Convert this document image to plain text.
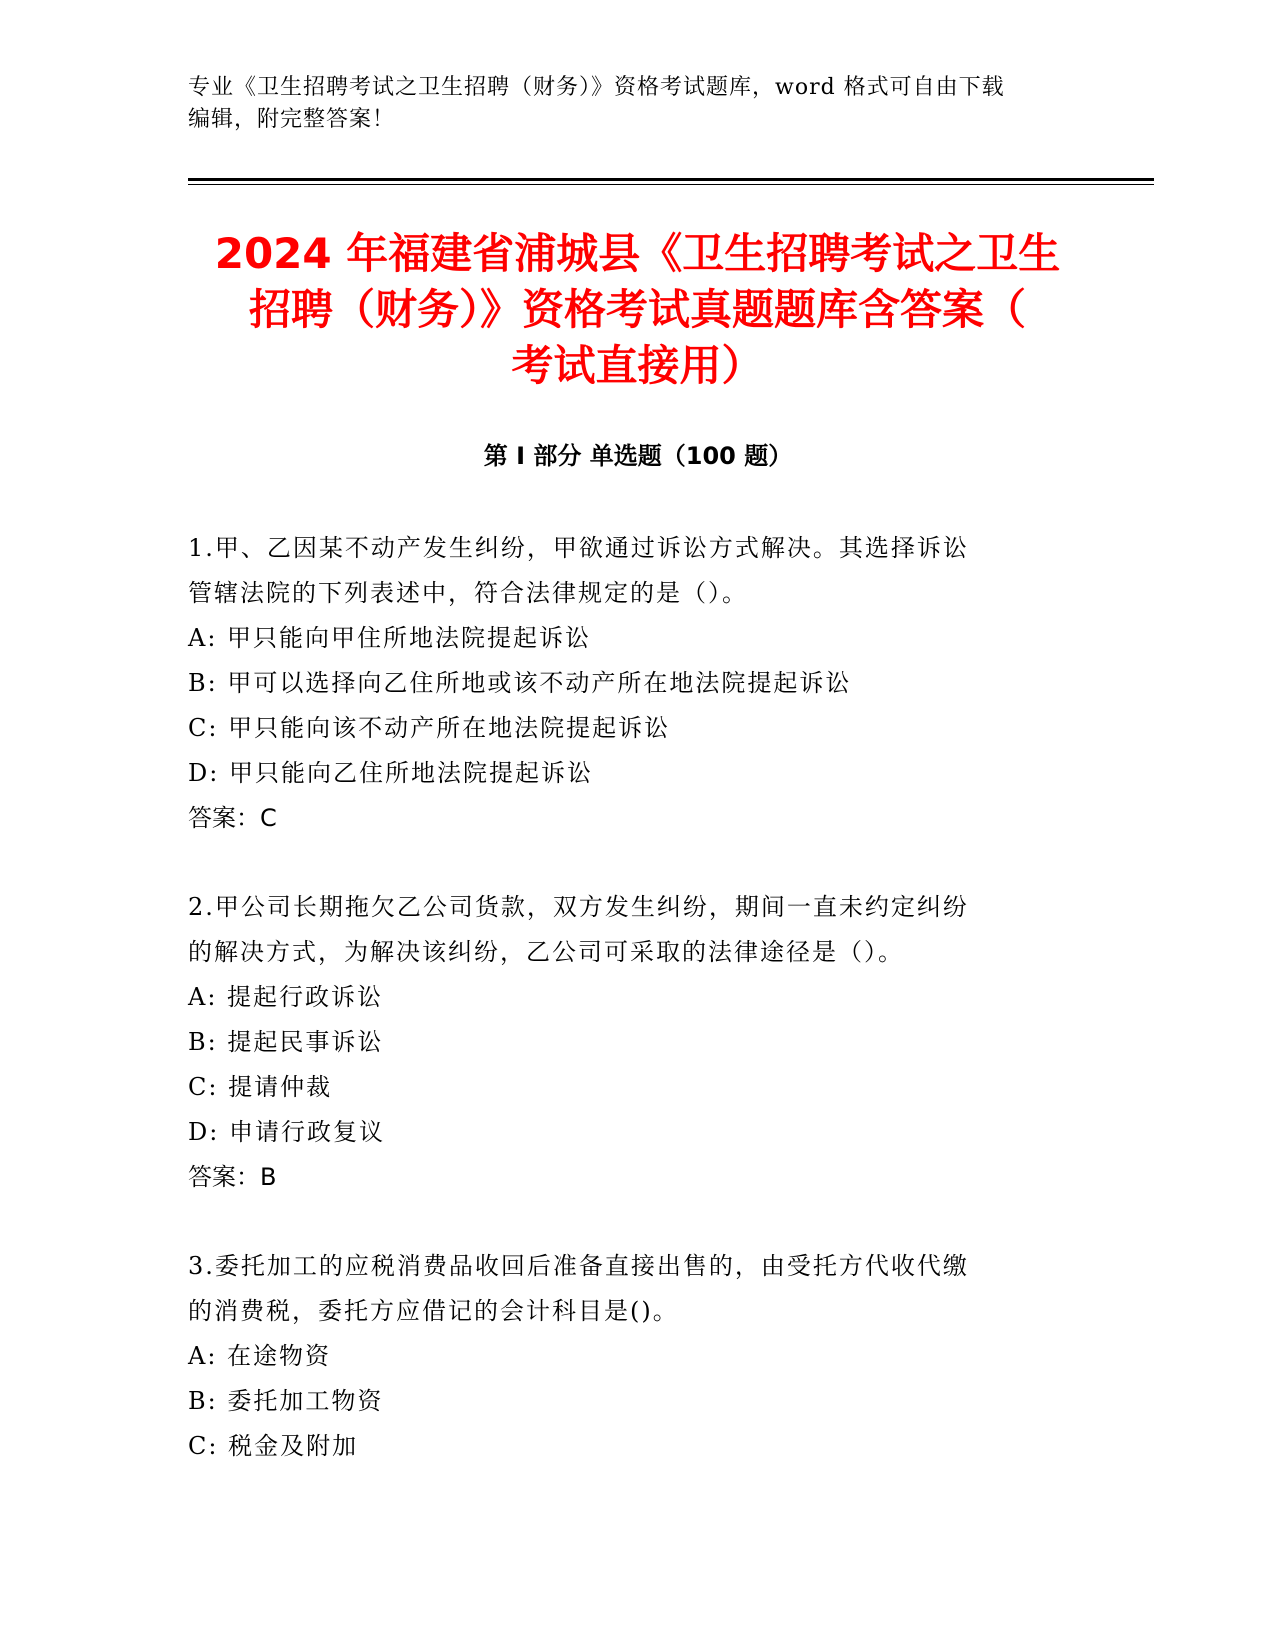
专业《卫生招聘考试之卫生招聘（财务）》资格考试题库，word 格式可自由下载
编辑，附完整答案！
2024 年福建省浦城县《卫生招聘考试之卫生
招聘（财务）》资格考试真题题库含答案（
考试直接用）
第 I 部分 单选题（100 题）

1.甲、乙因某不动产发生纠纷，甲欲通过诉讼方式解决。其选择诉讼

管辖法院的下列表述中，符合法律规定的是（）。

A: 甲只能向甲住所地法院提起诉讼

B: 甲可以选择向乙住所地或该不动产所在地法院提起诉讼

C: 甲只能向该不动产所在地法院提起诉讼

D: 甲只能向乙住所地法院提起诉讼

答案：C

2.甲公司长期拖欠乙公司货款，双方发生纠纷，期间一直未约定纠纷

的解决方式，为解决该纠纷，乙公司可采取的法律途径是（）。

A: 提起行政诉讼

B: 提起民事诉讼

C: 提请仲裁

D: 申请行政复议

答案：B

3.委托加工的应税消费品收回后准备直接出售的，由受托方代收代缴

的消费税，委托方应借记的会计科目是()。

A: 在途物资

B: 委托加工物资

C: 税金及附加
